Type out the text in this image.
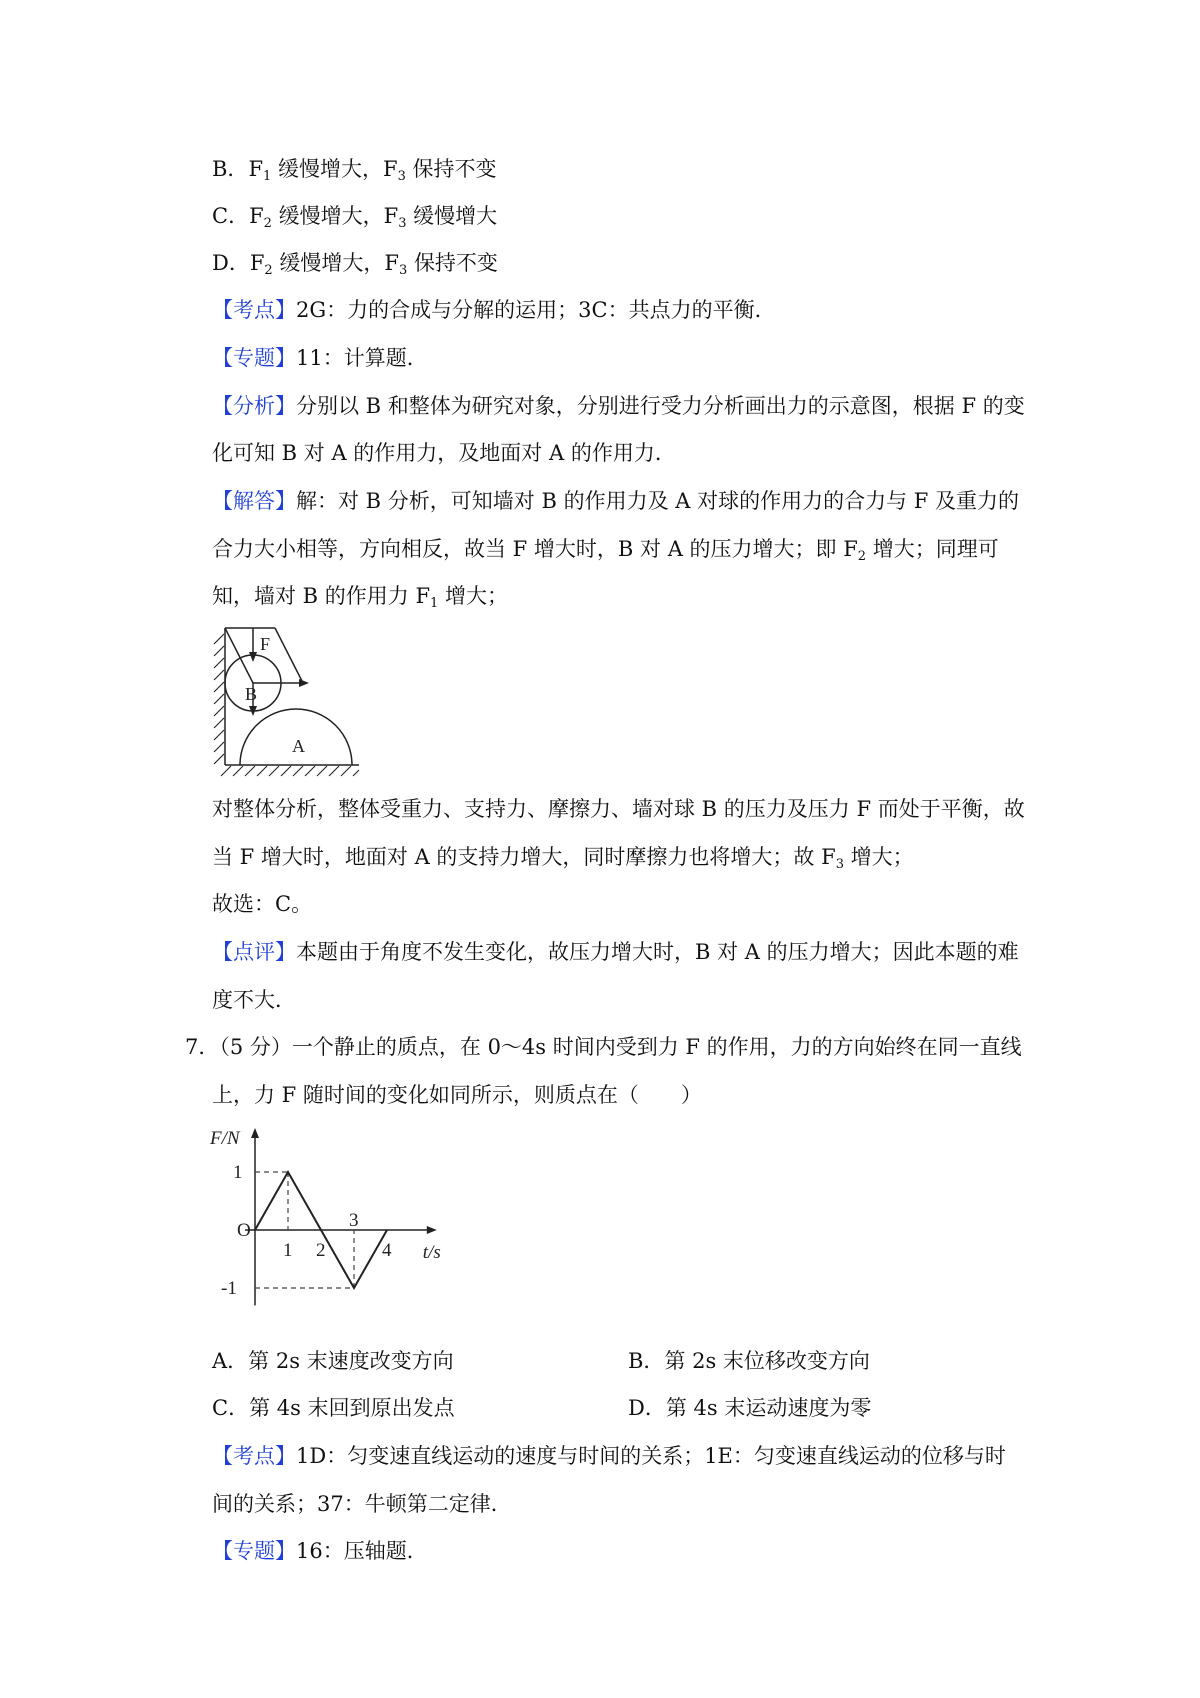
B．$F_1$ 缓慢增大，$F_3$ 保持不变
C．$F_2$ 缓慢增大，$F_3$ 缓慢增大
D．$F_2$ 缓慢增大，$F_3$ 保持不变
【考点】2G：力的合成与分解的运用；3C：共点力的平衡．
【专题】11：计算题．
【分析】分别以 B 和整体为研究对象，分别进行受力分析画出力的示意图，根据 F 的变
化可知 B 对 A 的作用力，及地面对 A 的作用力．
【解答】解：对 B 分析，可知墙对 B 的作用力及 A 对球的作用力的合力与 F 及重力的
合力大小相等，方向相反，故当 F 增大时，B 对 A 的压力增大；即 $F_2$ 增大；同理可
知，墙对 B 的作用力 $F_1$ 增大；
F
B
A
对整体分析，整体受重力、支持力、摩擦力、墙对球 B 的压力及压力 F 而处于平衡，故
当 F 增大时，地面对 A 的支持力增大，同时摩擦力也将增大；故 $F_3$ 增大；
故选：C。
【点评】本题由于角度不发生变化，故压力增大时，B 对 A 的压力增大；因此本题的难
度不大．
7．（5 分）一个静止的质点，在 0～4s 时间内受到力 F 的作用，力的方向始终在同一直线
上，力 F 随时间的变化如同所示，则质点在（　　）
F/N
t/s
O
1 2
3
4
1
-1
A．第 2s 末速度改变方向	B．第 2s 末位移改变方向
C．第 4s 末回到原出发点	D．第 4s 末运动速度为零
【考点】1D：匀变速直线运动的速度与时间的关系；1E：匀变速直线运动的位移与时
间的关系；37：牛顿第二定律．
【专题】16：压轴题．
